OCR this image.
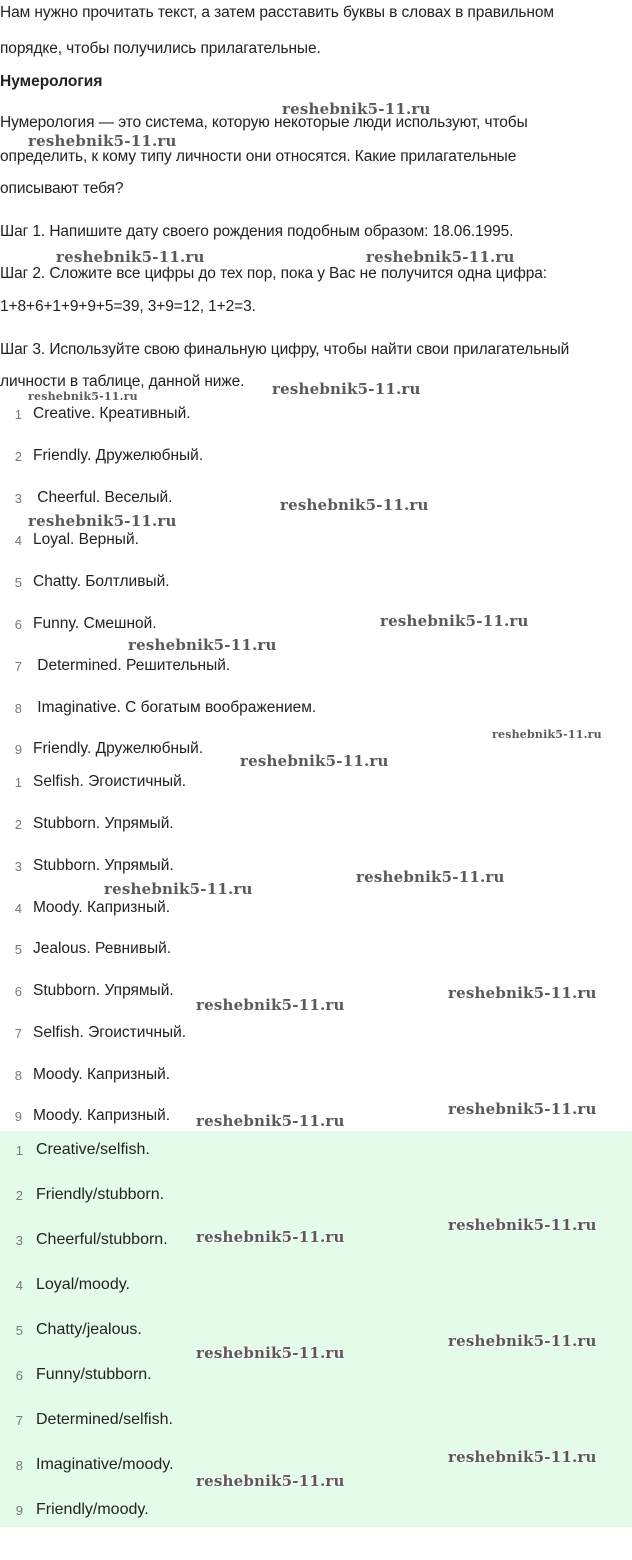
Нам нужно прочитать текст, а затем расставить буквы в словах в правильном
порядке, чтобы получились прилагательные.
Нумерология
Нумерология — это система, которую некоторые люди используют, чтобы
определить, к кому типу личности они относятся. Какие прилагательные
описывают тебя?
Шаг 1. Напишите дату своего рождения подобным образом: 18.06.1995.
Шаг 2. Сложите все цифры до тех пор, пока у Вас не получится одна цифра:
1+8+6+1+9+9+5=39, 3+9=12, 1+2=3.
Шаг 3. Используйте свою финальную цифру, чтобы найти свои прилагательный
личности в таблице, данной ниже.
1 Creative. Креативный.
2 Friendly. Дружелюбный.
3 Cheerful. Веселый.
4 Loyal. Верный.
5 Chatty. Болтливый.
6 Funny. Смешной.
7 Determined. Решительный.
8 Imaginative. С богатым воображением.
9 Friendly. Дружелюбный.
1 Selfish. Эгоистичный.
2 Stubborn. Упрямый.
3 Stubborn. Упрямый.
4 Moody. Капризный.
5 Jealous. Ревнивый.
6 Stubborn. Упрямый.
7 Selfish. Эгоистичный.
8 Moody. Капризный.
9 Moody. Капризный.
1 Creative/selfish.
2 Friendly/stubborn.
3 Cheerful/stubborn.
4 Loyal/moody.
5 Chatty/jealous.
6 Funny/stubborn.
7 Determined/selfish.
8 Imaginative/moody.
9 Friendly/moody.
reshebnik5-11.ru
reshebnik5-11.ru
reshebnik5-11.ru	reshebnik5-11.ru
reshebnik5-11.ru
reshebnik5-11.ru
reshebnik5-11.ru
reshebnik5-11.ru
reshebnik5-11.ru
reshebnik5-11.ru
reshebnik5-11.ru
reshebnik5-11.ru
reshebnik5-11.ru
reshebnik5-11.ru
reshebnik5-11.ru
reshebnik5-11.ru
reshebnik5-11.ru
reshebnik5-11.ru
reshebnik5-11.ru
reshebnik5-11.ru
reshebnik5-11.ru
reshebnik5-11.ru
reshebnik5-11.ru
reshebnik5-11.ru
